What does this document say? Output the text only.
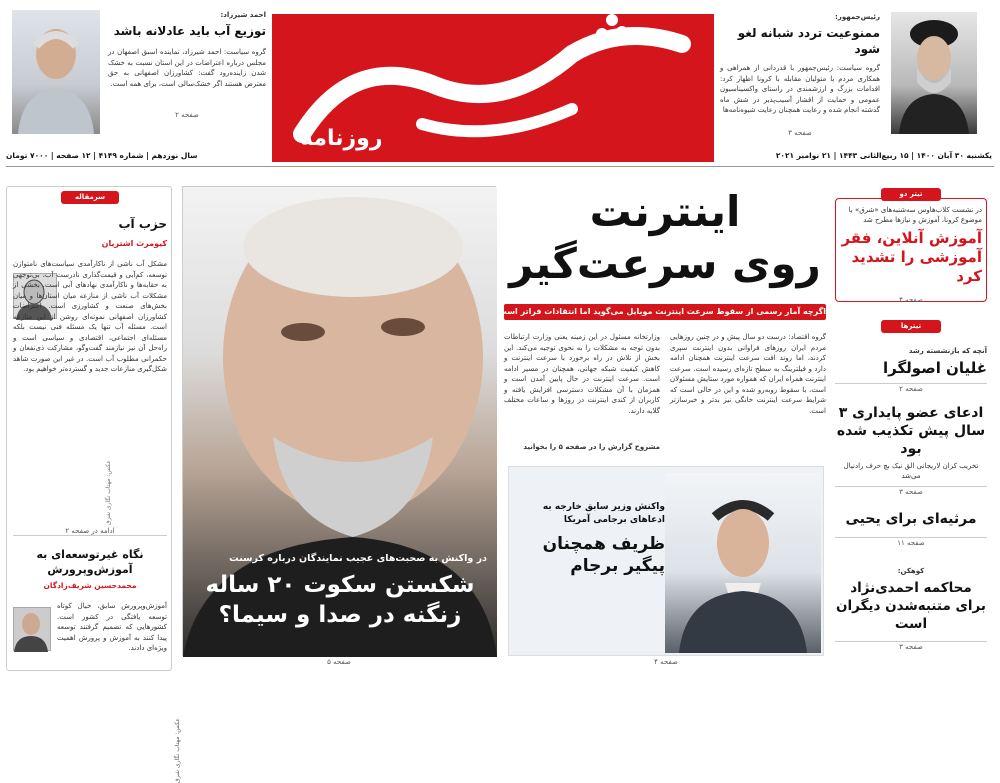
رئیس‌جمهور:
ممنوعیت تردد شبانه لغو شود
گروه سیاست: رئیس‌جمهور با قدردانی از همراهی و همکاری مردم با متولیان مقابله با کرونا اظهار کرد: اقدامات بزرگ و ارزشمندی در راستای واکسیناسیون عمومی و حمایت از اقشار آسیب‌پذیر در شش ماه گذشته انجام شده و رعایت همچنان رعایت شیوه‌نامه‌ها
صفحه ۳
روزنامه
احمد شیرزاد:
توزیع آب باید عادلانه باشد
گروه سیاست: احمد شیرزاد، نماینده اسبق اصفهان در مجلس درباره اعتراضات در این استان نسبت به خشک شدن زاینده‌رود گفت: کشاورزان اصفهانی به حق معترض هستند اگر خشک‌سالی است، برای همه است.
صفحه ۲
یکشنبه ۳۰ آبان ۱۴۰۰ | ۱۵ ربیع‌الثانی ۱۴۴۳ | ۲۱ نوامبر ۲۰۲۱
سال نوزدهم | شماره ۴۱۴۹ | ۱۲ صفحه | ۷۰۰۰ تومان
تیتر دو
در نشست کلاب‌هاوس سه‌شنبه‌های «شرق» با موضوع کرونا، آموزش و نیازها مطرح شد
آموزش آنلاین، فقر آموزشی را تشدید کرد
صفحه ۴
تیترها
آنچه که بازنشسته رشد
غلیان اصولگرا
صفحه ۲
ادعای عضو پایداری ۳ سال پیش تکذیب شده بود
تخریب کران لاریجانی الق نیک بچ حرف رادنیال می‌شد
صفحه ۳
مرثیه‌ای برای یحیی
صفحه ۱۱
کوهکن:
محاکمه احمدی‌نژاد برای متنبه‌شدن دیگران است
صفحه ۳
اینترنت
روی سرعت‌گیر
اگرچه آمار رسمی از سقوط سرعت اینترنت موبایل می‌گوید اما انتقادات فراتر است
گروه اقتصاد: درست دو سال پیش و در چنین روزهایی مردم ایران روزهای فراوانی بدون اینترنت سپری کردند، اما روند افت سرعت اینترنت همچنان ادامه دارد و فیلترینگ به سطح تازه‌ای رسیده است. سرعت اینترنت همراه ایران که همواره مورد ستایش مسئولان است، با سقوط روبه‌رو شده و این در حالی است که شرایط سرعت اینترنت خانگی نیز بدتر و خبرسازتر است.
وزارتخانه مسئول در این زمینه یعنی وزارت ارتباطات بدون توجه به مشکلات را به نحوی توجیه می‌کند. این بخش از تلاش در راه برخورد با سرعت اینترنت و کاهش کیفیت شبکه جهانی، همچنان در مسیر ادامه است. سرعت اینترنت در حال پایین آمدن است و همزمان با آن مشکلات دسترسی افزایش یافته و کاربران از کندی اینترنت در روزها و ساعات مختلف گلایه دارند.
مشروح گزارش را در صفحه ۵ را بخوانید
واکنش وزیر سابق خارجه به ادعاهای برجامی آمریکا
ظریف همچنان پیگیر برجام
صفحه ۴
در واکنش به صحبت‌های عجیب نمایندگان درباره کرسنت
شکستن سکوت ۲۰ ساله زنگنه در صدا و سیما؟
عکس: مهتاب نگاری شرق
عکس: مهتاب نگاری شرق
صفحه ۵
سرمقاله
حزب آب
کیومرث اشتریان
مشکل آب ناشی از ناکارآمدی سیاست‌های نامتوازن توسعه، کم‌آبی و قیمت‌گذاری نادرست آب، بی‌توجهی به حقابه‌ها و ناکارآمدی نهادهای آبی است. بخشی از مشکلات آب ناشی از منازعه میان استان‌ها و میان بخش‌های صنعت و کشاورزی است. اعتراضات کشاورزان اصفهانی نمونه‌ای روشن از این منازعه است. مسئله آب تنها یک مسئله فنی نیست بلکه مسئله‌ای اجتماعی، اقتصادی و سیاسی است و راه‌حل آن نیز نیازمند گفت‌وگو، مشارکت ذی‌نفعان و حکمرانی مطلوب آب است. در غیر این صورت شاهد شکل‌گیری منازعات جدید و گسترده‌تر خواهیم بود.
ادامه در صفحه ۲
نگاه غیرتوسعه‌ای به آموزش‌وپرورش
محمدحسین شریف‌زادگان
آموزش‌وپرورش سابق، خیال کوتاه توسعه یافتگی در کشور است. کشورهایی که تصمیم گرفتند توسعه پیدا کنند به آموزش و پرورش اهمیت ویژه‌ای دادند.
